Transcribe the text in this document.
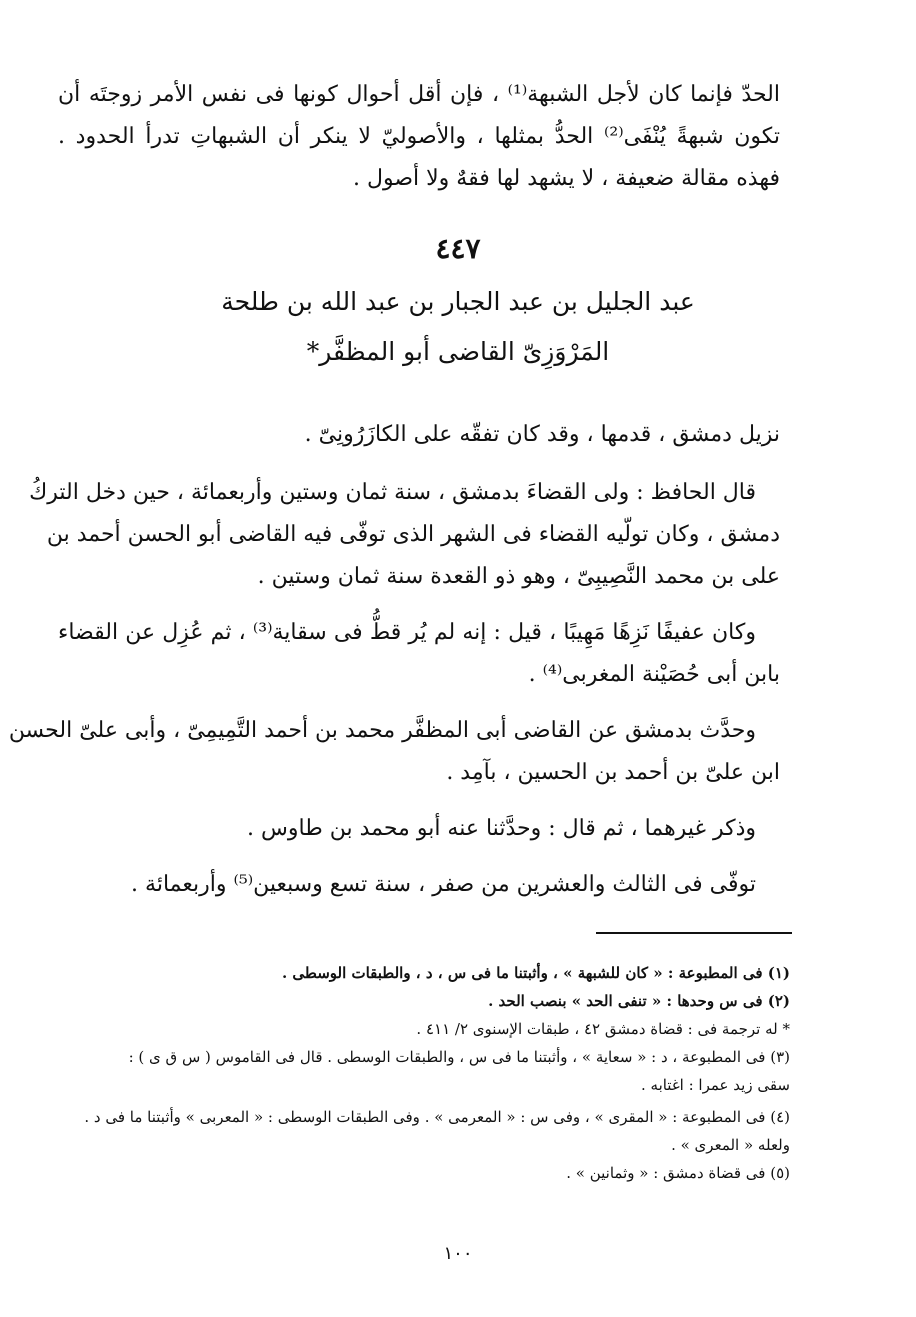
الحدّ فإنما كان لأجل الشبهة⁽¹⁾ ، فإن أقل أحوال كونها فى نفس الأمر زوجتَه أن
تكون شبهةً يُنْفَى⁽²⁾ الحدُّ بمثلها ، والأصوليّ لا ينكر أن الشبهاتِ تدرأ الحدود .
فهذه مقالة ضعيفة ، لا يشهد لها فقهٌ ولا أصول .
٤٤٧
عبد الجليل بن عبد الجبار بن عبد الله بن طلحة
المَرْوَزِىّ القاضى أبو المظفَّر*
نزيل دمشق ، قدمها ، وقد كان تفقّه على الكازَرُونِىّ .
قال الحافظ : ولى القضاءَ بدمشق ، سنة ثمان وستين وأربعمائة ، حين دخل التركُ
دمشق ، وكان تولّيه القضاء فى الشهر الذى توفّى فيه القاضى أبو الحسن أحمد بن
على بن محمد النَّصِيبِىّ ، وهو ذو القعدة سنة ثمان وستين .
وكان عفيفًا نَزِهًا مَهِيبًا ، قيل : إنه لم يُر قطُّ فى سقاية⁽³⁾ ، ثم عُزِل عن القضاء
بابن أبى حُصَيْنة المغربى⁽⁴⁾ .
وحدَّث بدمشق عن القاضى أبى المظفَّر محمد بن أحمد التَّمِيمِىّ ، وأبى علىّ الحسن
ابن علىّ بن أحمد بن الحسين ، بآمِد .
وذكر غيرهما ، ثم قال : وحدَّثنا عنه أبو محمد بن طاوس .
توفّى فى الثالث والعشرين من صفر ، سنة تسع وسبعين⁽⁵⁾ وأربعمائة .
(١) فى المطبوعة : « كان للشبهة » ، وأثبتنا ما فى س ، د ، والطبقات الوسطى .
(٢) فى س وحدها : « تنفى الحد » بنصب الحد .
* له ترجمة فى : قضاة دمشق ٤٢ ، طبقات الإسنوى ٢/ ٤١١ .
(٣) فى المطبوعة ، د : « سعاية » ، وأثبتنا ما فى س ، والطبقات الوسطى . قال فى القاموس ( س ق ى ) :
سقى زيد عمرا : اغتابه .
(٤) فى المطبوعة : « المقرى » ، وفى س : « المعرمى » . وفى الطبقات الوسطى : « المعربى » وأثبتنا ما فى د .
ولعله « المعرى » .
(٥) فى قضاة دمشق : « وثمانين » .
١٠٠
